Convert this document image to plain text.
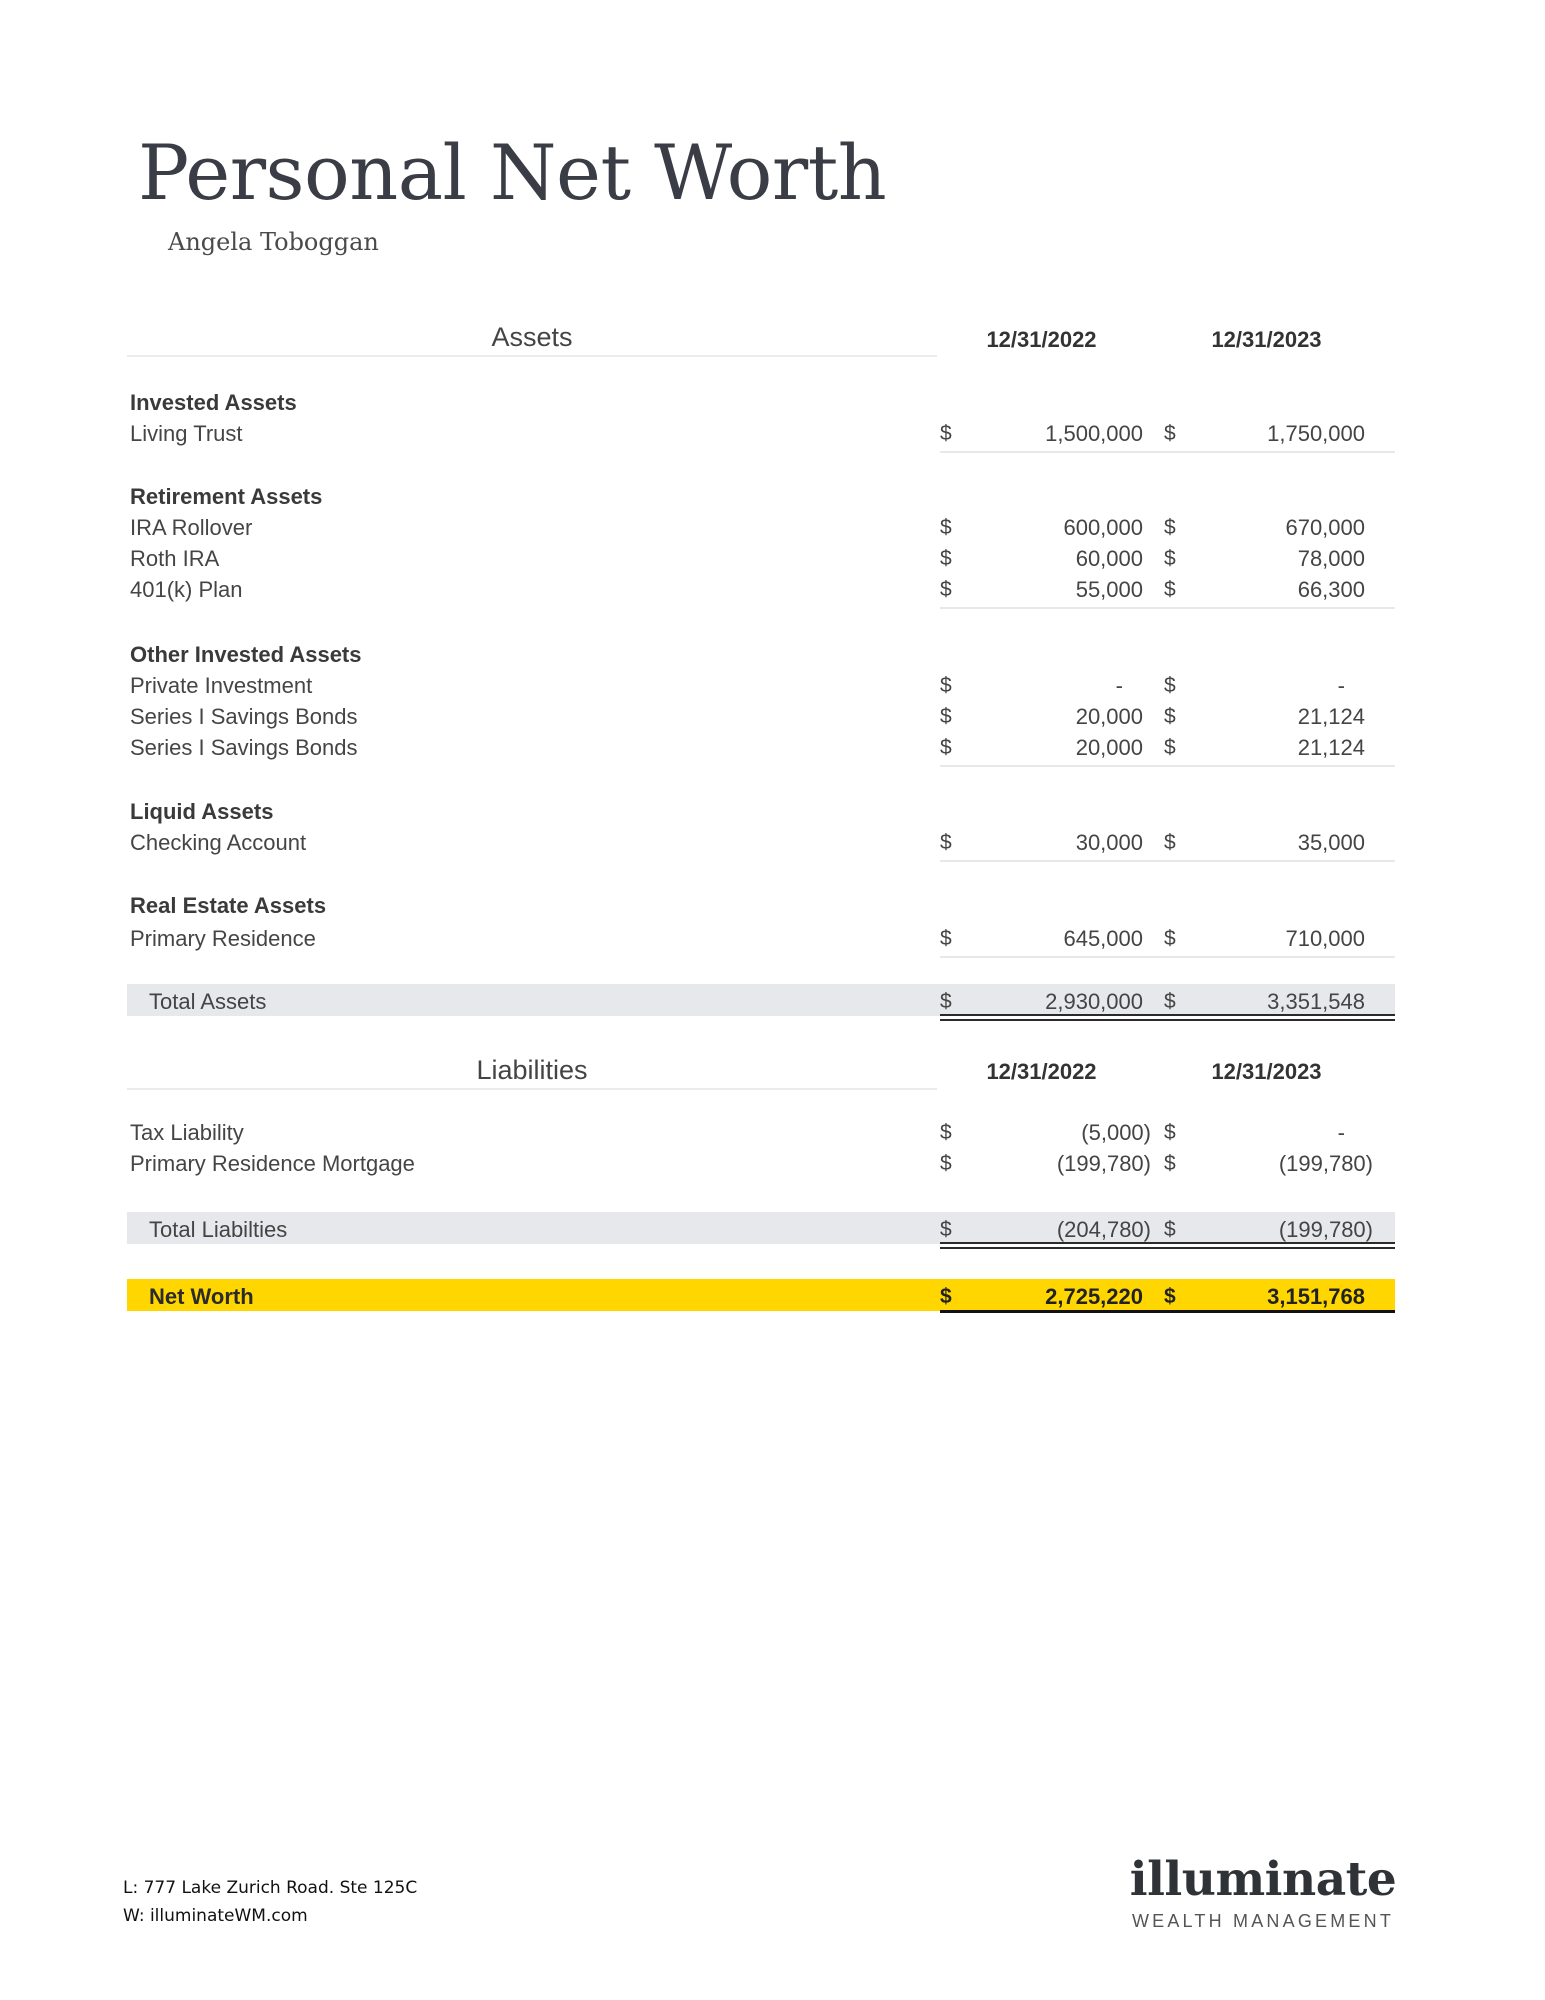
Personal Net Worth
Angela Toboggan
Assets	12/31/2022	12/31/2023
Invested Assets
Living Trust	$	1,500,000 $	1,750,000
Retirement Assets
IRA Rollover	$	600,000 $	670,000
Roth IRA	$	60,000 $	78,000
401(k) Plan	$	55,000 $	66,300
Other Invested Assets
Private Investment	$	- $	-
Series I Savings Bonds	$	20,000 $	21,124
Series I Savings Bonds	$	20,000 $	21,124
Liquid Assets
Checking Account	$	30,000 $	35,000
Real Estate Assets
Primary Residence	$	645,000 $	710,000
Total Assets	$	2,930,000 $	3,351,548
Liabilities	12/31/2022	12/31/2023
Tax Liability	$	(5,000) $	-
Primary Residence Mortgage	$	(199,780) $	(199,780)
Total Liabilties	$	(204,780) $	(199,780)
Net Worth	$	2,725,220 $	3,151,768
L: 777 Lake Zurich Road. Ste 125C
W: illuminateWM.com
illuminate
WEALTH MANAGEMENT
